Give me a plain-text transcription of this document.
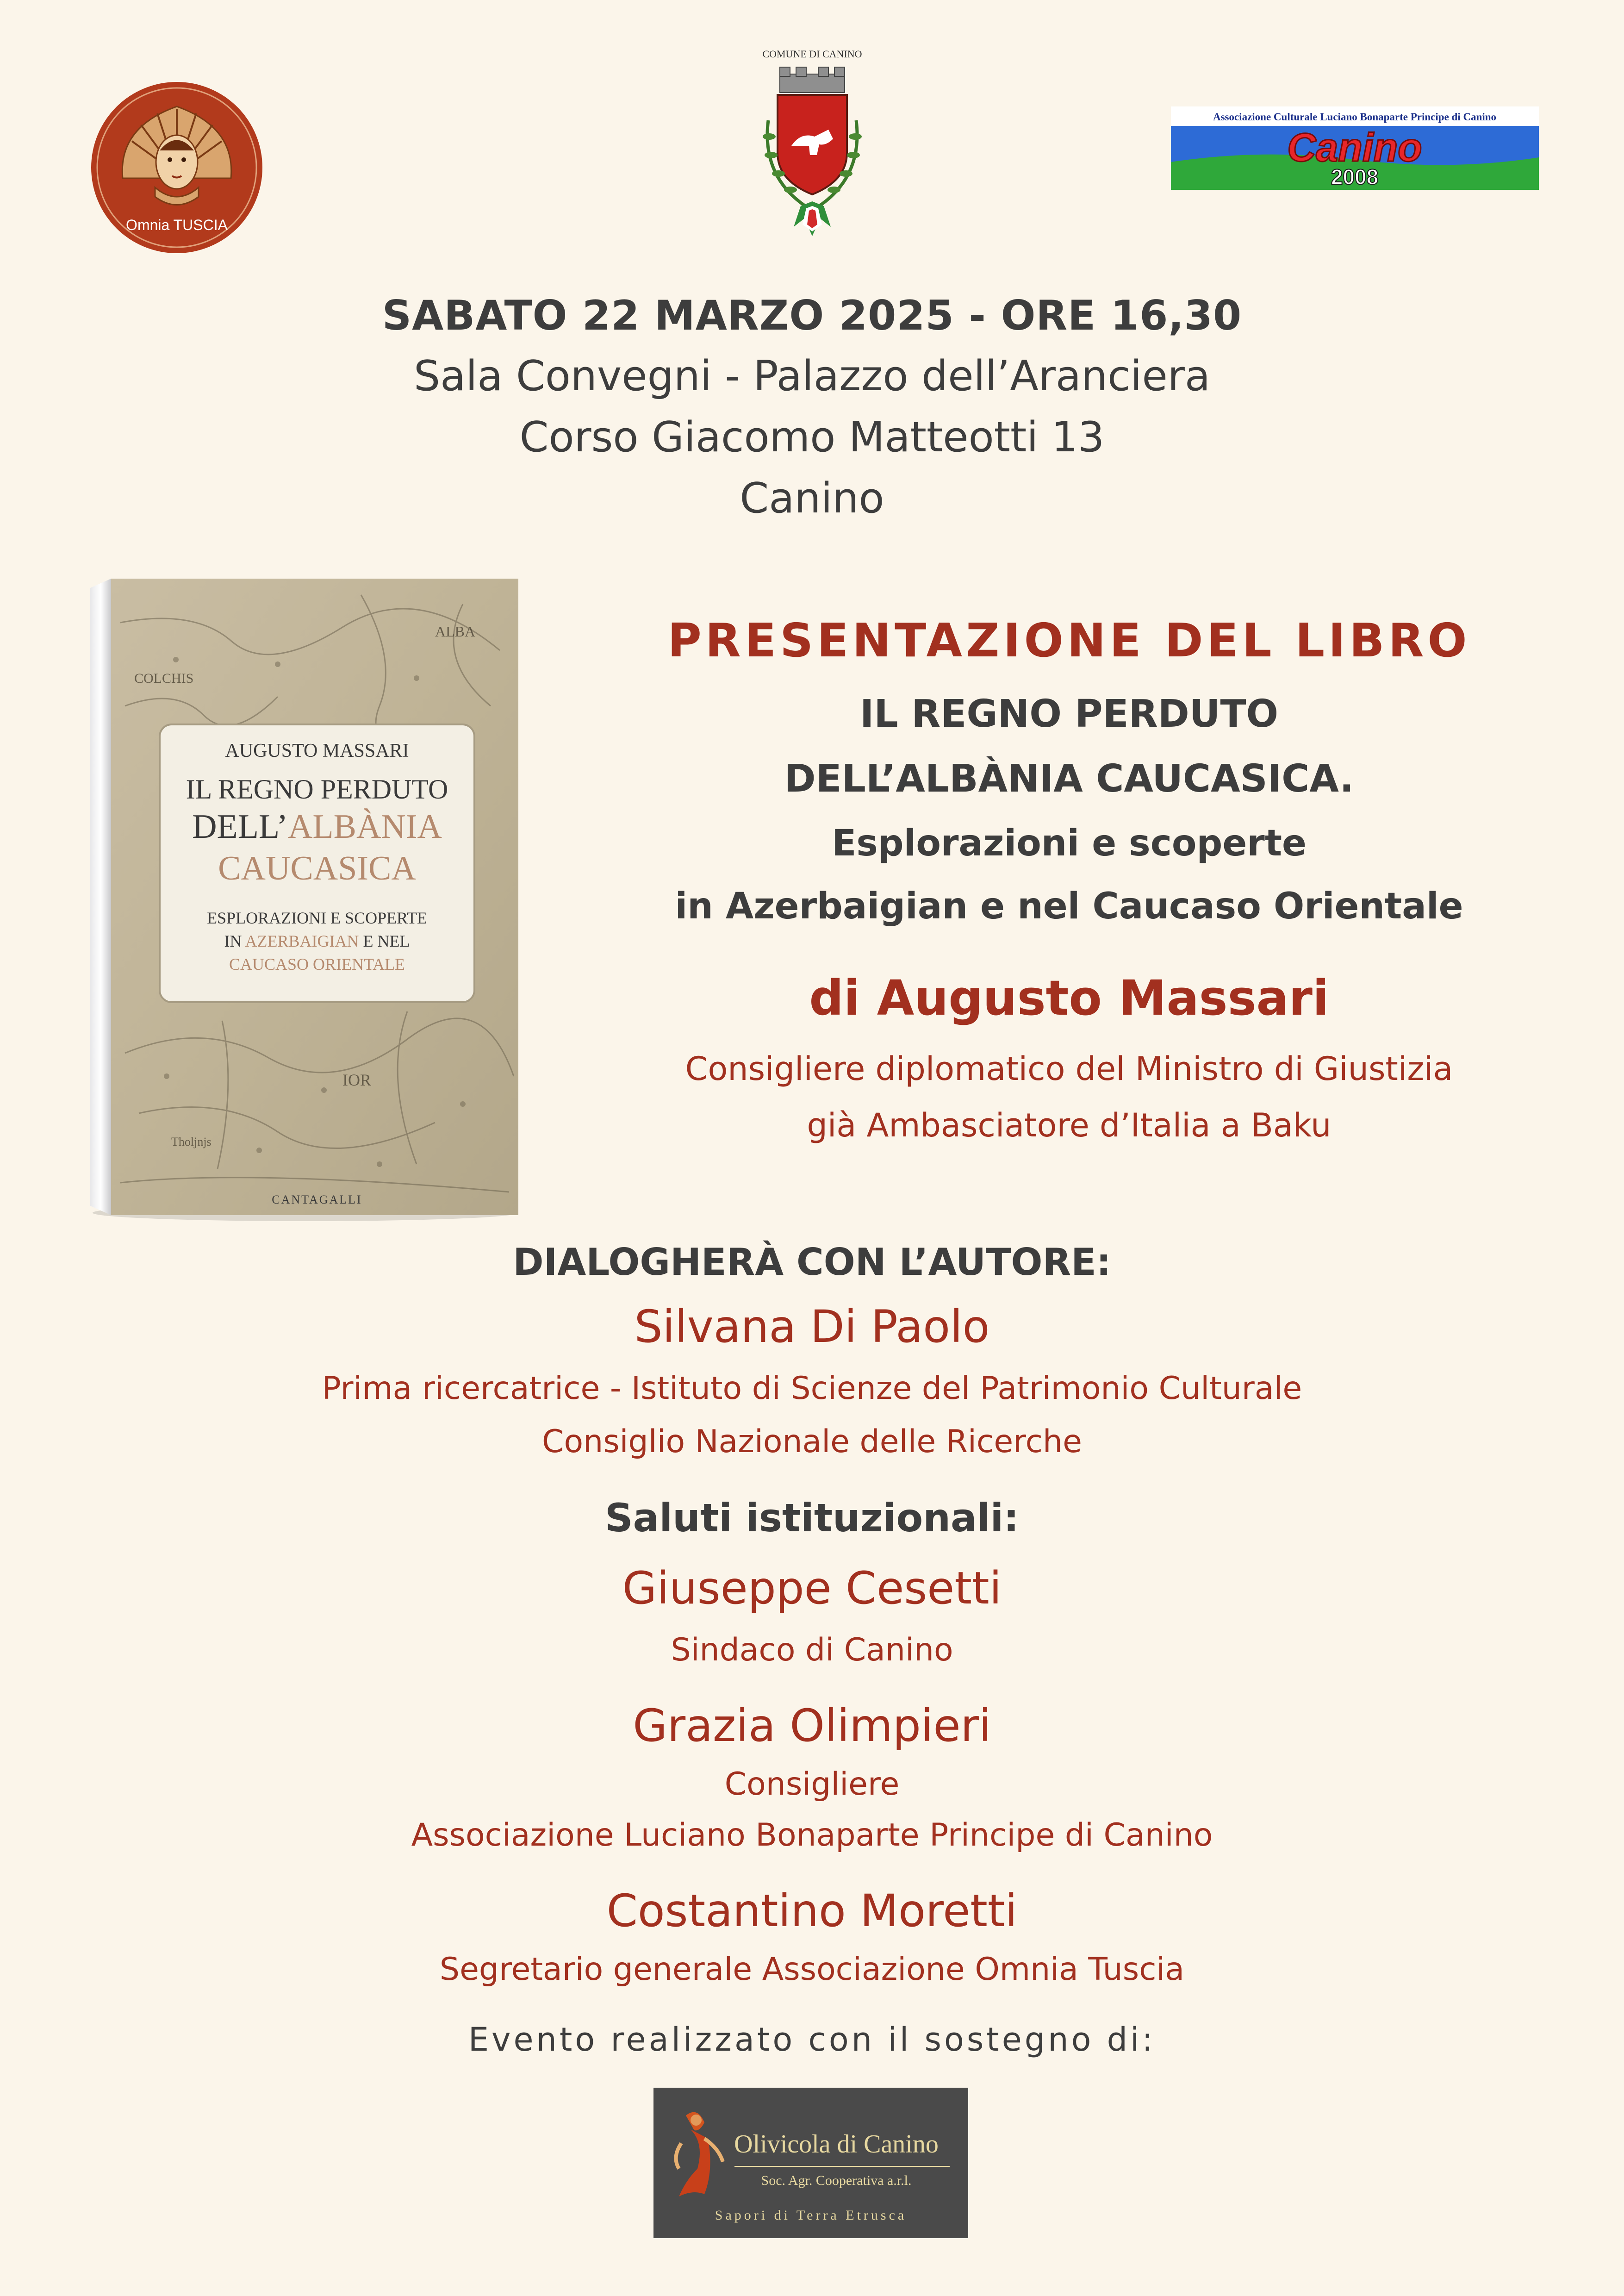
Omnia TUSCIA
COMUNE DI CANINO
Associazione Culturale Luciano Bonaparte Principe di Canino
Canino
2008
SABATO 22 MARZO 2025 - ORE 16,30
Sala Convegni - Palazzo dell’Aranciera
Corso Giacomo Matteotti 13
Canino
COLCHIS
ALBA
IOR
Tholjnjs
AUGUSTO MASSARI
IL REGNO PERDUTO
DELL’ALBÀNIA
CAUCASICA
ESPLORAZIONI E SCOPERTE
IN AZERBAIGIAN E NEL
CAUCASO ORIENTALE
CANTAGALLI
PRESENTAZIONE DEL LIBRO
IL REGNO PERDUTO
DELL’ALBÀNIA CAUCASICA.
Esplorazioni e scoperte
in Azerbaigian e nel Caucaso Orientale
di Augusto Massari
Consigliere diplomatico del Ministro di Giustizia
già Ambasciatore d’Italia a Baku
DIALOGHERÀ CON L’AUTORE:
Silvana Di Paolo
Prima ricercatrice - Istituto di Scienze del Patrimonio Culturale
Consiglio Nazionale delle Ricerche
Saluti istituzionali:
Giuseppe Cesetti
Sindaco di Canino
Grazia Olimpieri
Consigliere
Associazione Luciano Bonaparte Principe di Canino
Costantino Moretti
Segretario generale Associazione Omnia Tuscia
Evento realizzato con il sostegno di:
Olivicola di Canino
Soc. Agr. Cooperativa a.r.l.
Sapori di Terra Etrusca
